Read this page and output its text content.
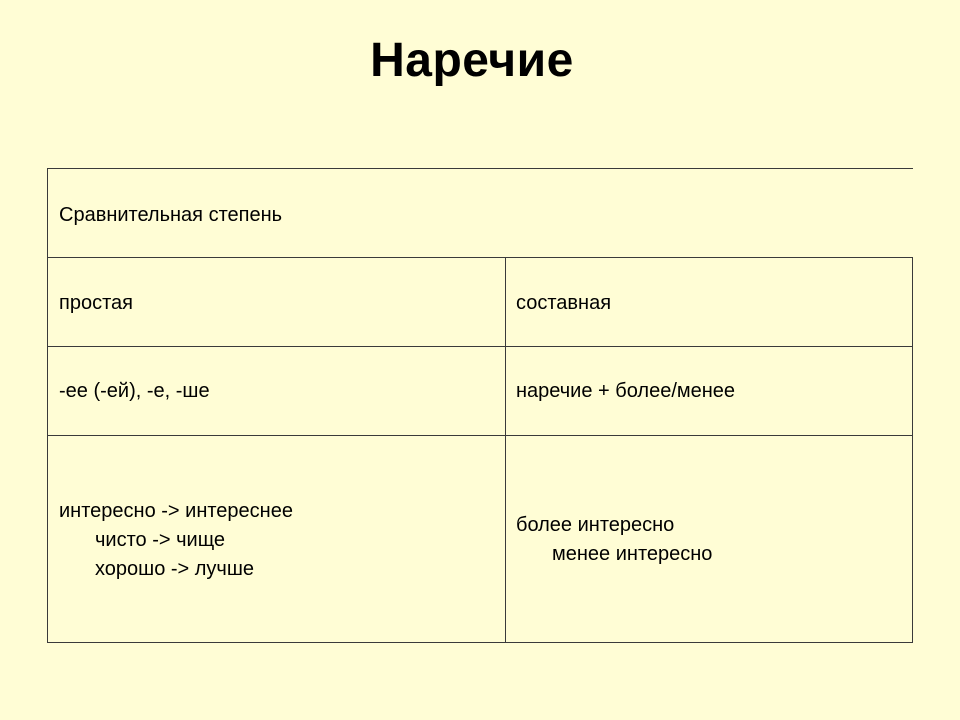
Наречие
Сравнительная степень
простая	составная
-ее (-ей), -е, -ше	наречие + более/менее
интересно -> интереснее
чисто -> чище
хорошо -> лучше
более интересно
менее интересно
